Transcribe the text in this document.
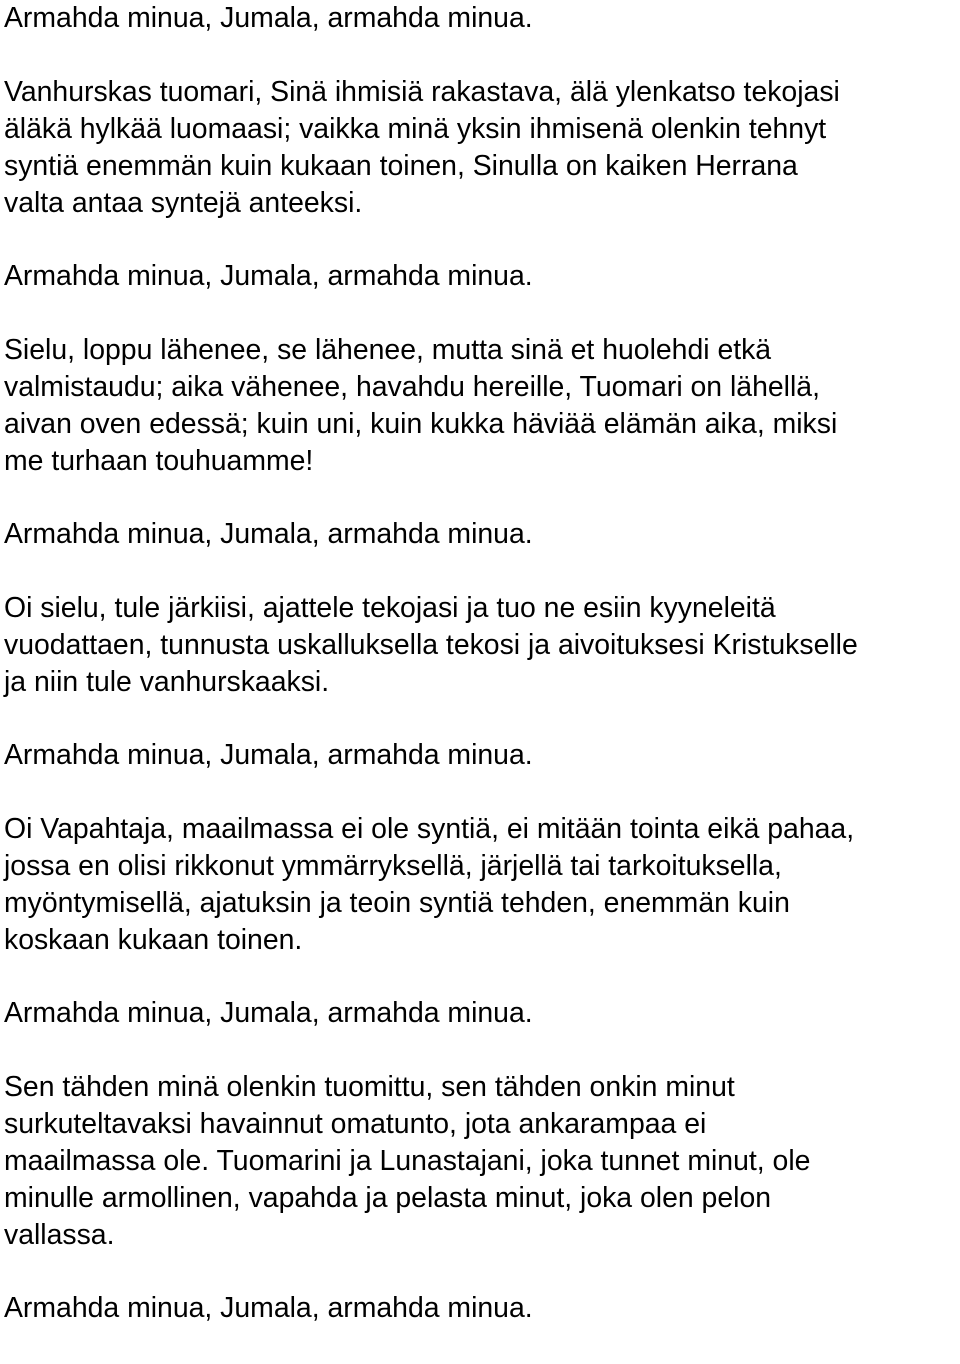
Armahda minua, Jumala, armahda minua.

Vanhurskas tuomari, Sinä ihmisiä rakastava, älä ylenkatso tekojasi

äläkä hylkää luomaasi; vaikka minä yksin ihmisenä olenkin tehnyt

syntiä enemmän kuin kukaan toinen, Sinulla on kaiken Herrana

valta antaa syntejä anteeksi.

Armahda minua, Jumala, armahda minua.

Sielu, loppu lähenee, se lähenee, mutta sinä et huolehdi etkä

valmistaudu; aika vähenee, havahdu hereille, Tuomari on lähellä,

aivan oven edessä; kuin uni, kuin kukka häviää elämän aika, miksi

me turhaan touhuamme!

Armahda minua, Jumala, armahda minua.

Oi sielu, tule järkiisi, ajattele tekojasi ja tuo ne esiin kyyneleitä

vuodattaen, tunnusta uskalluksella tekosi ja aivoituksesi Kristukselle

ja niin tule vanhurskaaksi.

Armahda minua, Jumala, armahda minua.

Oi Vapahtaja, maailmassa ei ole syntiä, ei mitään tointa eikä pahaa,

jossa en olisi rikkonut ymmärryksellä, järjellä tai tarkoituksella,

myöntymisellä, ajatuksin ja teoin syntiä tehden, enemmän kuin

koskaan kukaan toinen.

Armahda minua, Jumala, armahda minua.

Sen tähden minä olenkin tuomittu, sen tähden onkin minut

surkuteltavaksi havainnut omatunto, jota ankarampaa ei

maailmassa ole. Tuomarini ja Lunastajani, joka tunnet minut, ole

minulle armollinen, vapahda ja pelasta minut, joka olen pelon

vallassa.

Armahda minua, Jumala, armahda minua.
